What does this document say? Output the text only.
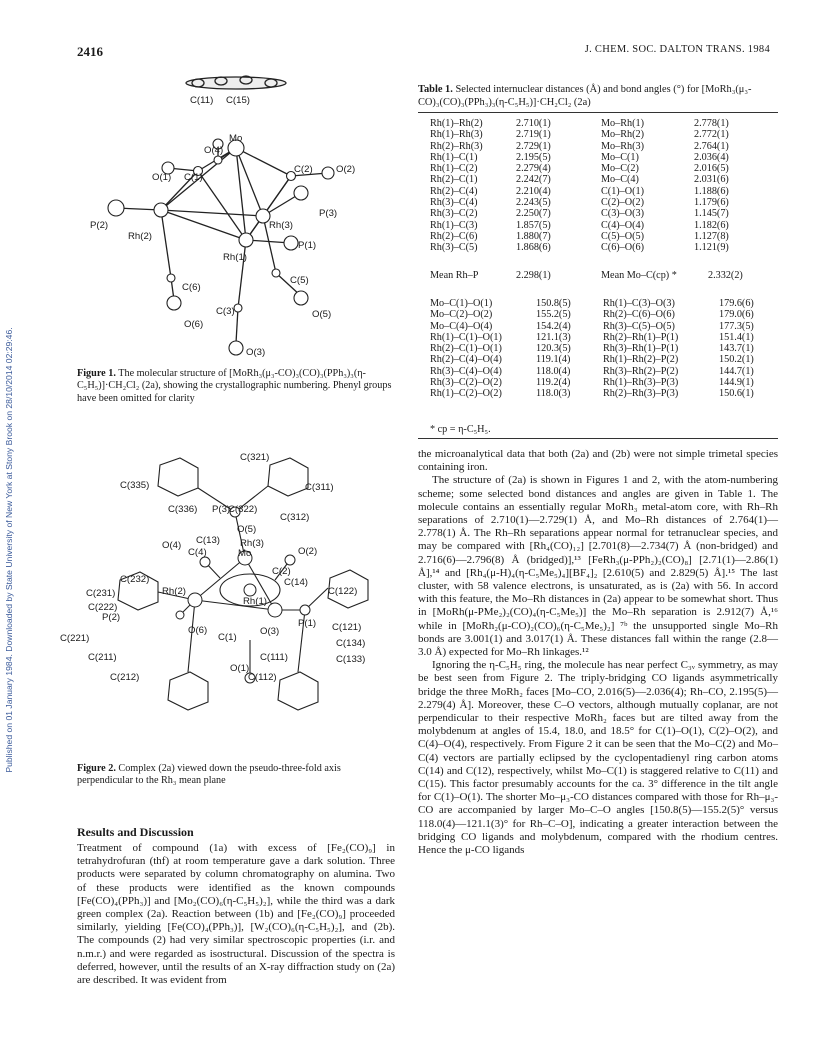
2416	J. CHEM. SOC. DALTON TRANS. 1984
Published on 01 January 1984. Downloaded by State University of New York at Stony Brook on 28/10/2014 02:29:46.
C(11) C(15)
Mo
O(4)
O(1) C(1)
C(2) O(2)
P(3)
P(2)
Rh(2)
Rh(3)
Rh(1)
P(1)
C(5)
C(6)
C(3)	O(5)
O(6)
O(3)
Figure 1. The molecular structure of [MoRh₃(μ₃-CO)₃(CO)₃(PPh₃)₃(η-C₅H₅)]·CH₂Cl₂ (2a), showing the crystallographic numbering. Phenyl groups have been omitted for clarity
C(321)
C(335)	C(311)
C(336) P(3)
C(322)
C(312)
O(5)
O(4) C(13) Rh(3)
C(4)	Mo	O(2)
C(2)
C(232)	C(14)
C(122)
C(231)	Rh(2)
Rh(1)
C(222)
P(2)
P(1)
O(6)	O(3)
C(221)	C(1)
C(121)
C(134)
C(211)	C(111)	C(133)
O(1)
C(212)	C(112)
Figure 2. Complex (2a) viewed down the pseudo-three-fold axis perpendicular to the Rh₃ mean plane
Results and Discussion

Treatment of compound (1a) with excess of [Fe₂(CO)₉] in tetrahydrofuran (thf) at room temperature gave a dark solution. Three products were separated by column chromatography on alumina. Two of these products were identified as the known compounds [Fe(CO)₄(PPh₃)] and [Mo₂(CO)₆(η-C₅H₅)₂], while the third was a dark green complex (2a). Reaction between (1b) and [Fe₂(CO)₉] proceeded similarly, yielding [Fe(CO)₄(PPh₃)], [W₂(CO)₆(η-C₅H₅)₂], and (2b). The compounds (2) had very similar spectroscopic properties (i.r. and n.m.r.) and were regarded as isostructural. Discussion of the spectra is deferred, however, until the results of an X-ray diffraction study on (2a) are described. It was evident from

Table 1. Selected internuclear distances (Å) and bond angles (°) for [MoRh₃(μ₃-CO)₃(CO)₃(PPh₃)₃(η-C₅H₅)]·CH₂Cl₂ (2a)
Rh(1)–Rh(2)	2.710(1)	Mo–Rh(1)	2.778(1)
Rh(1)–Rh(3)	2.719(1)	Mo–Rh(2)	2.772(1)
Rh(2)–Rh(3)	2.729(1)	Mo–Rh(3)	2.764(1)
Rh(1)–C(1)	2.195(5)	Mo–C(1)	2.036(4)
Rh(1)–C(2)	2.279(4)	Mo–C(2)	2.016(5)
Rh(2)–C(1)	2.242(7)	Mo–C(4)	2.031(6)
Rh(2)–C(4)	2.210(4)	C(1)–O(1)	1.188(6)
Rh(3)–C(4)	2.243(5)	C(2)–O(2)	1.179(6)
Rh(3)–C(2)	2.250(7)	C(3)–O(3)	1.145(7)
Rh(1)–C(3)	1.857(5)	C(4)–O(4)	1.182(6)
Rh(2)–C(6)	1.880(7)	C(5)–O(5)	1.127(8)
Rh(3)–C(5)	1.868(6)	C(6)–O(6)	1.121(9)
Mean Rh–P	2.298(1)	Mean Mo–C(cp) *	2.332(2)
Mo–C(1)–O(1)	150.8(5)	Rh(1)–C(3)–O(3)	179.6(6)
Mo–C(2)–O(2)	155.2(5)	Rh(2)–C(6)–O(6)	179.0(6)
Mo–C(4)–O(4)	154.2(4)	Rh(3)–C(5)–O(5)	177.3(5)
Rh(1)–C(1)–O(1)	121.1(3)	Rh(2)–Rh(1)–P(1)	151.4(1)
Rh(2)–C(1)–O(1)	120.3(5)	Rh(3)–Rh(1)–P(1)	143.7(1)
Rh(2)–C(4)–O(4)	119.1(4)	Rh(1)–Rh(2)–P(2)	150.2(1)
Rh(3)–C(4)–O(4)	118.0(4)	Rh(3)–Rh(2)–P(2)	144.7(1)
Rh(3)–C(2)–O(2)	119.2(4)	Rh(1)–Rh(3)–P(3)	144.9(1)
Rh(1)–C(2)–O(2)	118.0(3)	Rh(2)–Rh(3)–P(3)	150.6(1)
* cp = η-C₅H₅.

the microanalytical data that both (2a) and (2b) were not simple trimetal species containing iron.

The structure of (2a) is shown in Figures 1 and 2, with the atom-numbering scheme; some selected bond distances and angles are given in Table 1. The molecule contains an essentially regular MoRh₃ metal-atom core, with Rh–Rh separations of 2.710(1)—2.729(1) Å, and Mo–Rh distances of 2.764(1)—2.778(1) Å. The Rh–Rh separations appear normal for tetranuclear species, and may be compared with [Rh₄(CO)₁₂] [2.701(8)—2.734(7) Å (non-bridged) and 2.716(6)—2.796(8) Å (bridged)],¹³ [FeRh₃(μ-PPh₂)₂(CO)₈] [2.71(1)—2.86(1) Å],¹⁴ and [Rh₄(μ-H)₄(η-C₅Me₅)₄][BF₄]₂ [2.610(5) and 2.829(5) Å].¹⁵ The last cluster, with 58 valence electrons, is unsaturated, as is (2a) with 56. In accord with this feature, the Mo–Rh distances in (2a) appear to be somewhat short. Thus in [MoRh(μ-PMe₂)₂(CO)₄(η-C₅Me₅)] the Mo–Rh separation is 2.912(7) Å,¹⁶ while in [MoRh₂(μ-CO)₂(CO)₆(η-C₅Me₅)₂] ⁷ᵇ the unsupported single Mo–Rh bonds are 3.001(1) and 3.017(1) Å. These distances fall within the range (2.8—3.0 Å) expected for Mo–Rh linkages.¹²

Ignoring the η-C₅H₅ ring, the molecule has near perfect C₃ᵥ symmetry, as may be best seen from Figure 2. The triply-bridging CO ligands asymmetrically bridge the three MoRh₂ faces [Mo–CO, 2.016(5)—2.036(4); Rh–CO, 2.195(5)—2.279(4) Å]. Moreover, these C–O vectors, although mutually coplanar, are not perpendicular to their respective MoRh₂ faces but are tilted away from the molybdenum at angles of 15.4, 18.0, and 18.5° for C(1)–O(1), C(2)–O(2), and C(4)–O(4), respectively. From Figure 2 it can be seen that the Mo–C(2) and Mo–C(4) vectors are partially eclipsed by the cyclopentadienyl ring carbon atoms C(14) and C(12), respectively, whilst Mo–C(1) is staggered relative to C(11) and C(15). This factor presumably accounts for the ca. 3° difference in the tilt angle for C(1)–O(1). The shorter Mo–μ₃-CO distances compared with those for Rh–μ₃-CO are accompanied by larger Mo–C–O angles [150.8(5)—155.2(5)° versus 118.0(4)—121.1(3)° for Rh–C–O], indicating a greater interaction between the bridging CO ligands and molybdenum, compared with the rhodium centres. Hence the μ-CO ligands
